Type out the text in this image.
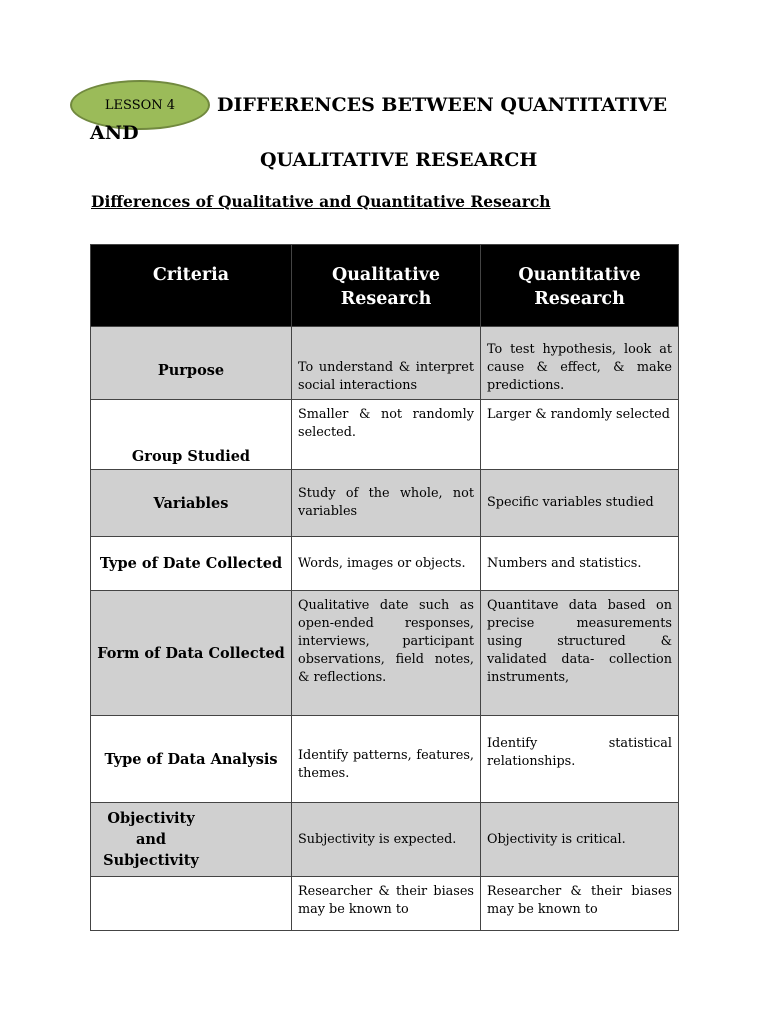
LESSON 4 DIFFERENCES BETWEEN QUANTITATIVE
AND
QUALITATIVE RESEARCH
Differences of Qualitative and Quantitative Research
Criteria	Qualitative Research	Quantitative Research
Purpose	To understand & interpret social interactions	To test hypothesis, look at cause & effect, & make predictions.
Group Studied	Smaller & not randomly selected.	Larger & randomly selected
Variables	Study of the whole, not variables	Specific variables studied
Type of Date Collected	Words, images or objects.	Numbers and statistics.
Form of Data Collected	Qualitative date such as open-ended responses, interviews, participant observations, field notes, & reflections.	Quantitave data based on precise measurements using structured & validated data- collection instruments,
Type of Data Analysis	Identify patterns, features, themes.	Identify statistical relationships.

Objectivity and Subjectivity	Subjectivity is expected.	Objectivity is critical.
	Researcher & their biases may be known to	Researcher & their biases may be known to
